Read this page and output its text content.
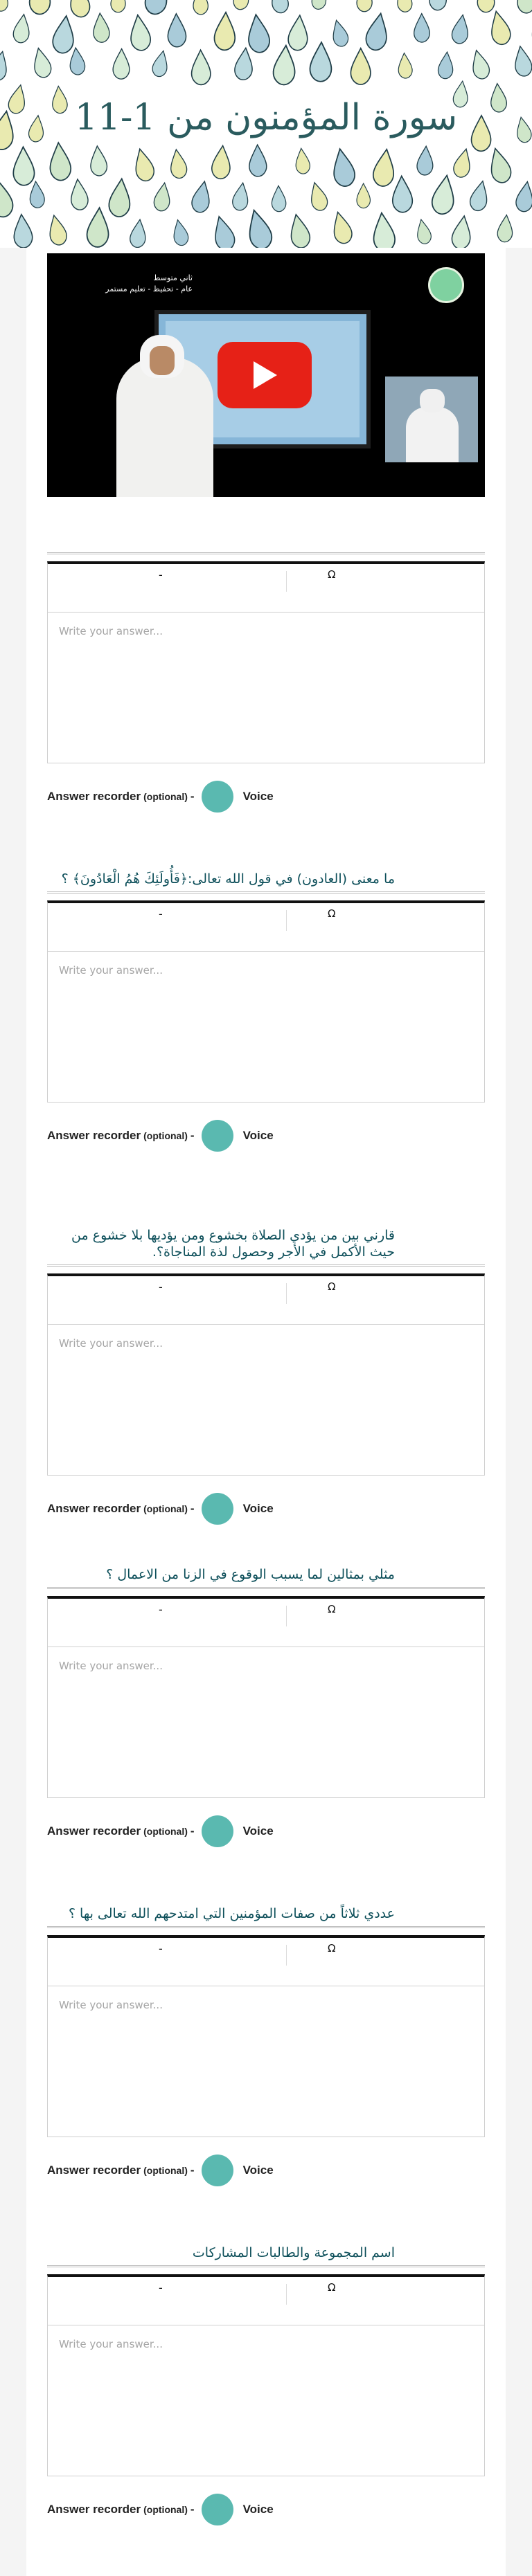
سورة المؤمنون من 1-11
ثاني متوسط
عام - تحفيظ - تعليم مستمر
-	Ω
Write your answer...
Answer recorder (optional) -	Voice
ما معنى (العادون) في قول الله تعالى:﴿فَأُولَئِكَ هُمُ الْعَادُونَ﴾ ؟
-	Ω
Write your answer...
Answer recorder (optional) -	Voice
قارني بين من يؤدي الصلاة بخشوع ومن يؤديها بلا خشوع من حيث الأكمل في الأجر وحصول لذة المناجاة؟.
-	Ω
Write your answer...
Answer recorder (optional) -	Voice
مثلي بمثالين لما يسبب الوقوع في الزنا من الاعمال ؟
-	Ω
Write your answer...
Answer recorder (optional) -	Voice
عددي ثلاثاً من صفات المؤمنين التي امتدحهم الله تعالى بها ؟
-	Ω
Write your answer...
Answer recorder (optional) -	Voice
اسم المجموعة والطالبات المشاركات
-	Ω
Write your answer...
Answer recorder (optional) -	Voice
